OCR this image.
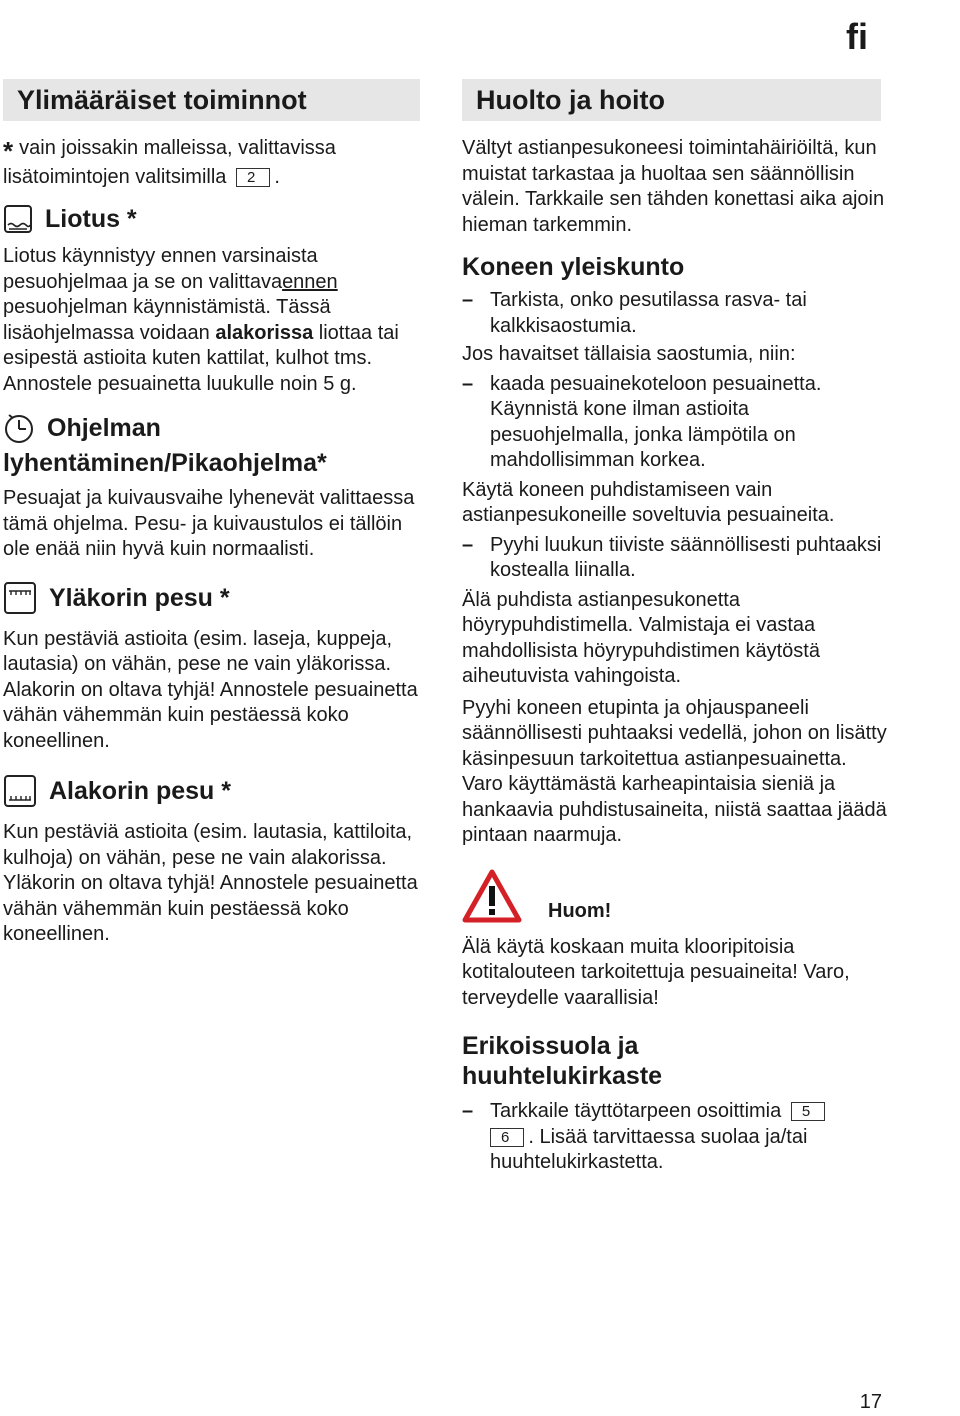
fi
Ylimääräiset toiminnot

* vain joissakin malleissa, valittavissa lisätoimintojen valitsimilla 2 .

Liotus *

Liotus käynnistyy ennen varsinaista pesuohjelmaa ja se on valittavaennen pesuohjelman käynnistämistä. Tässä lisäohjelmassa voidaan alakorissa liottaa tai esipestä astioita kuten kattilat, kulhot tms.

Annostele pesuainetta luukulle noin 5 g.

Ohjelman
lyhentäminen/Pikaohjelma*

Pesuajat ja kuivausvaihe lyhenevät valittaessa tämä ohjelma. Pesu- ja kuivaustulos ei tällöin ole enää niin hyvä kuin normaalisti.

Yläkorin pesu *

Kun pestäviä astioita (esim. laseja, kuppeja, lautasia) on vähän, pese ne vain yläkorissa. Alakorin on oltava tyhjä! Annostele pesuainetta vähän vähemmän kuin pestäessä koko koneellinen.

Alakorin pesu *

Kun pestäviä astioita (esim. lautasia, kattiloita, kulhoja) on vähän, pese ne vain alakorissa. Yläkorin on oltava tyhjä! Annostele pesuainetta vähän vähemmän kuin pestäessä koko koneellinen.

Huolto ja hoito

Vältyt astianpesukoneesi toimintahäiriöiltä, kun muistat tarkastaa ja huoltaa sen säännöllisin välein. Tarkkaile sen tähden konettasi aika ajoin hieman tarkemmin.

Koneen yleiskunto
– Tarkista, onko pesutilassa rasva- tai kalkkisaostumia.

Jos havaitset tällaisia saostumia, niin:

– kaada pesuainekoteloon pesuainetta. Käynnistä kone ilman astioita pesuohjelmalla, jonka lämpötila on mahdollisimman korkea.

Käytä koneen puhdistamiseen vain astianpesukoneille soveltuvia pesuaineita.

– Pyyhi luukun tiiviste säännöllisesti puhtaaksi kostealla liinalla.

Älä puhdista astianpesukonetta höyrypuhdistimella. Valmistaja ei vastaa mahdollisista höyrypuhdistimen käytöstä aiheutuvista vahingoista.

Pyyhi koneen etupinta ja ohjauspaneeli säännöllisesti puhtaaksi vedellä, johon on lisätty käsinpesuun tarkoitettua astianpesuainetta. Varo käyttämästä karheapintaisia sieniä ja hankaavia puhdistusaineita, niistä saattaa jäädä pintaan naarmuja.

Huom!

Älä käytä koskaan muita klooripitoisia kotitalouteen tarkoitettuja pesuaineita! Varo, terveydelle vaarallisia!

Erikoissuola ja
huuhtelukirkaste
– Tarkkaile täyttötarpeen osoittimia 5
6 . Lisää tarvittaessa suolaa ja/tai huuhtelukirkastetta.
17
